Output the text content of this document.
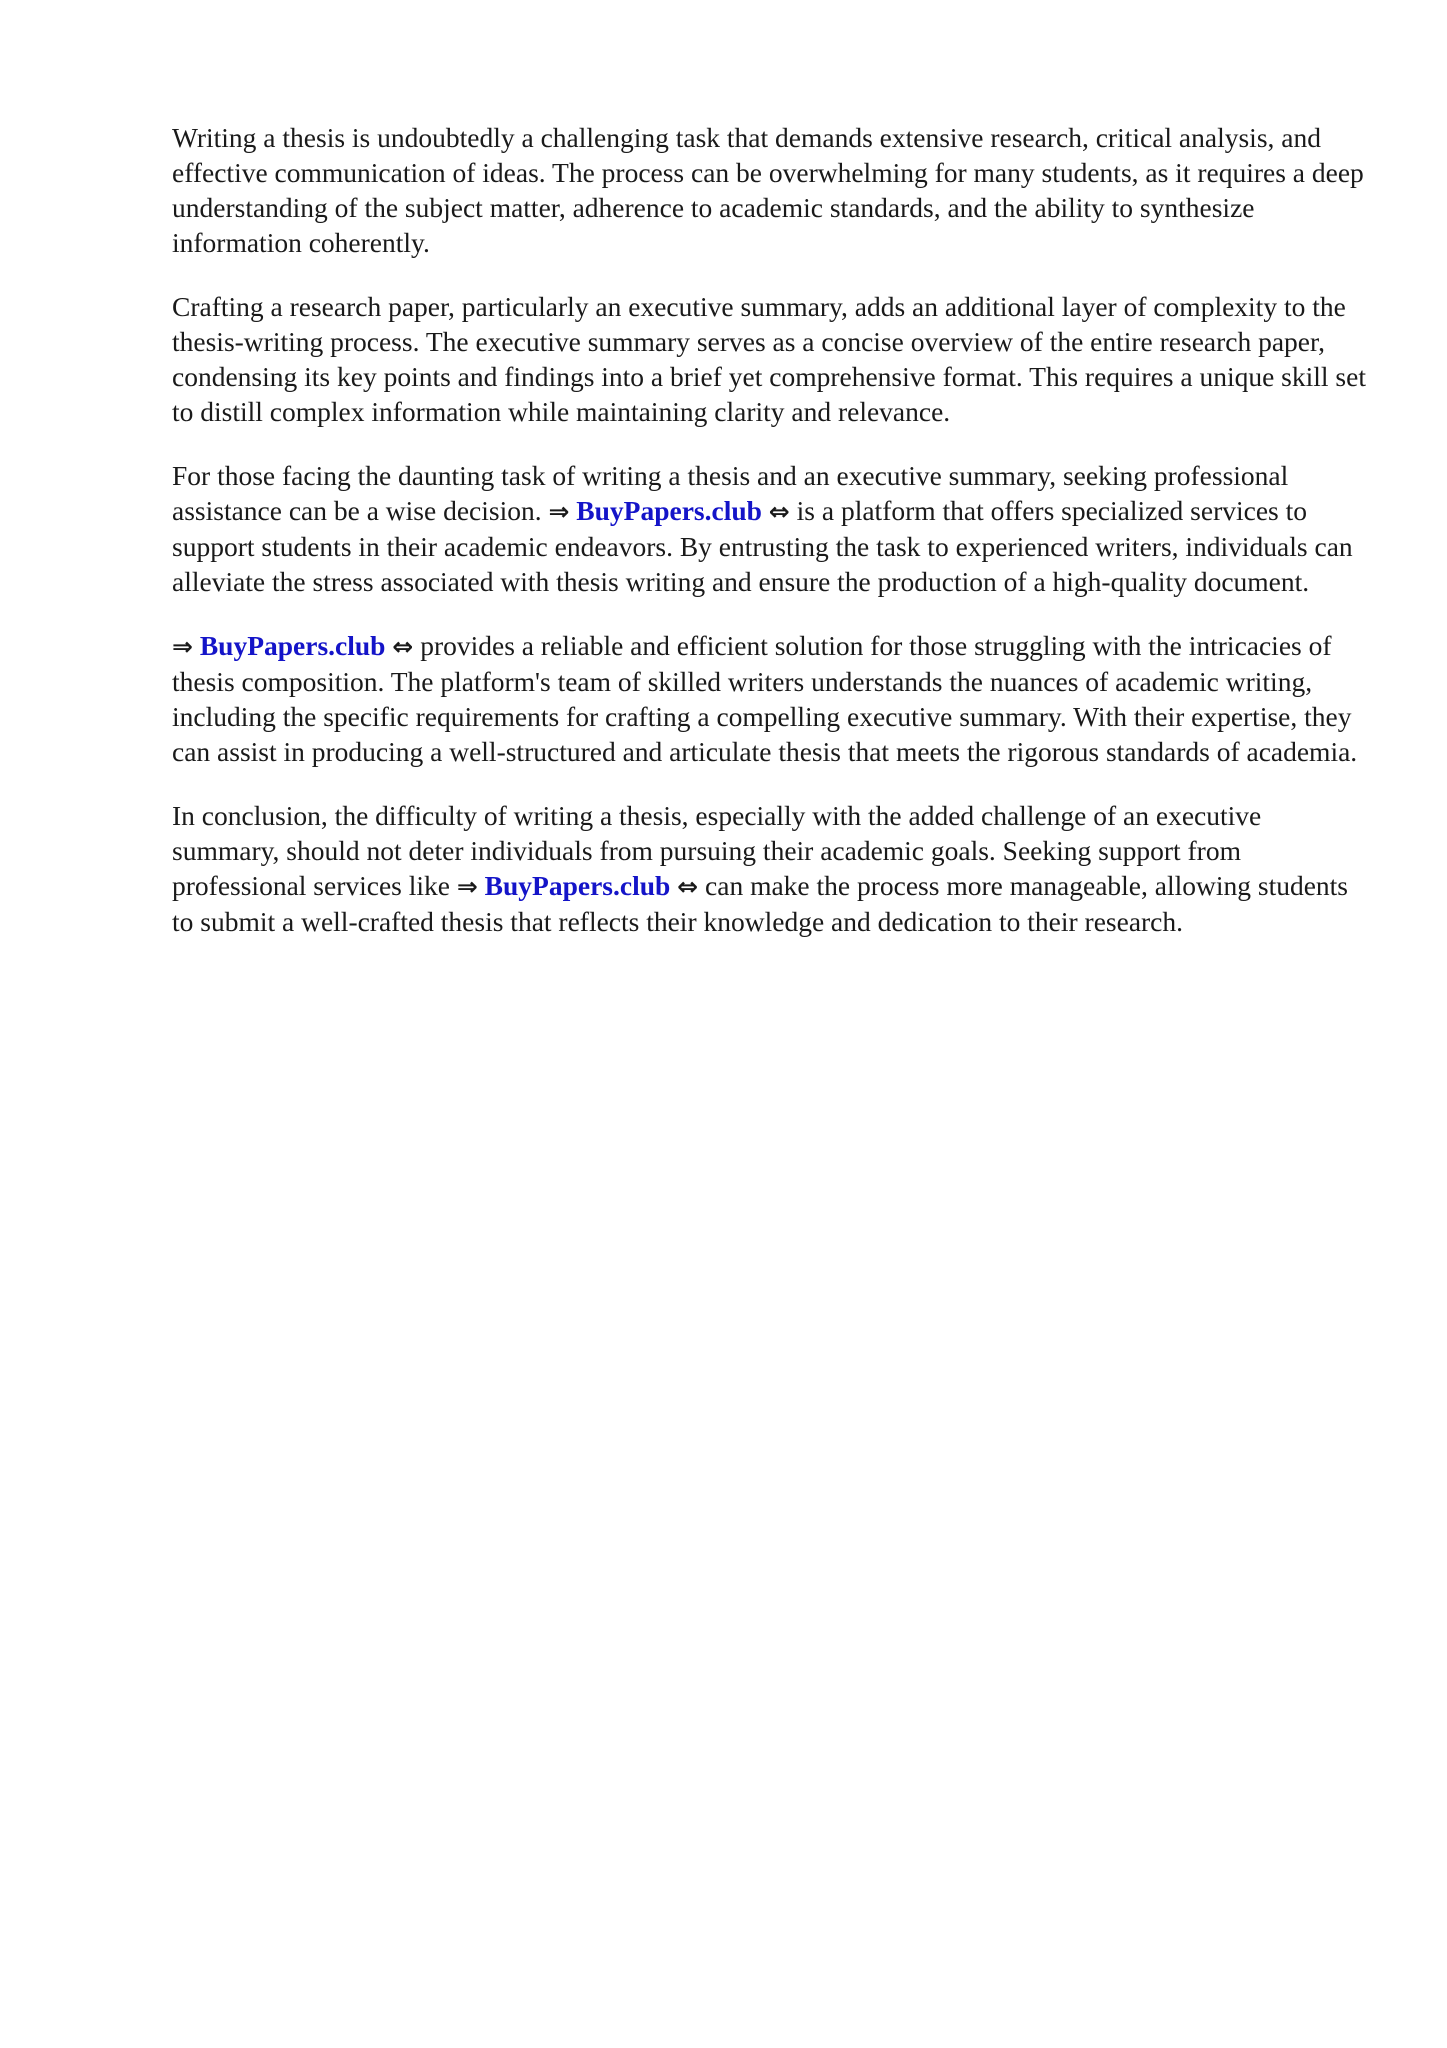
Writing a thesis is undoubtedly a challenging task that demands extensive research, critical analysis, and effective communication of ideas. The process can be overwhelming for many students, as it requires a deep understanding of the subject matter, adherence to academic standards, and the ability to synthesize information coherently.

Crafting a research paper, particularly an executive summary, adds an additional layer of complexity to the thesis-writing process. The executive summary serves as a concise overview of the entire research paper, condensing its key points and findings into a brief yet comprehensive format. This requires a unique skill set to distill complex information while maintaining clarity and relevance.

For those facing the daunting task of writing a thesis and an executive summary, seeking professional assistance can be a wise decision. ⇒ BuyPapers.club ⇔ is a platform that offers specialized services to support students in their academic endeavors. By entrusting the task to experienced writers, individuals can alleviate the stress associated with thesis writing and ensure the production of a high-quality document.

⇒ BuyPapers.club ⇔ provides a reliable and efficient solution for those struggling with the intricacies of thesis composition. The platform's team of skilled writers understands the nuances of academic writing, including the specific requirements for crafting a compelling executive summary. With their expertise, they can assist in producing a well-structured and articulate thesis that meets the rigorous standards of academia.

In conclusion, the difficulty of writing a thesis, especially with the added challenge of an executive summary, should not deter individuals from pursuing their academic goals. Seeking support from professional services like ⇒ BuyPapers.club ⇔ can make the process more manageable, allowing students to submit a well-crafted thesis that reflects their knowledge and dedication to their research.
